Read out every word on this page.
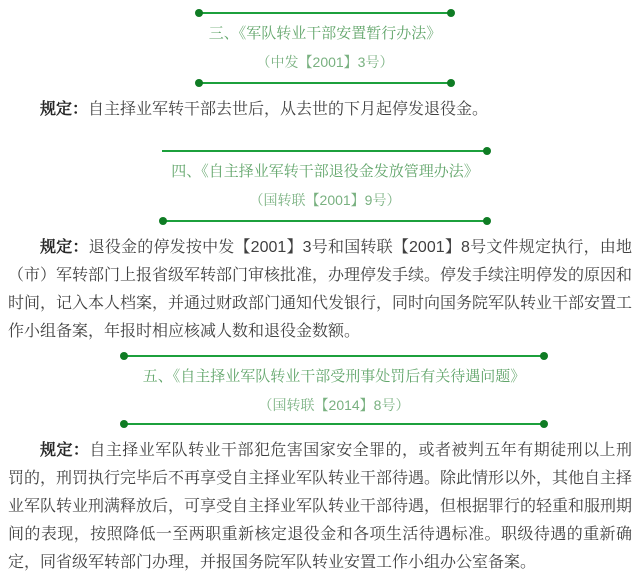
三、《军队转业干部安置暂行办法》
（中发【2001】3号）

规定：自主择业军转干部去世后，从去世的下月起停发退役金。

四、《自主择业军转干部退役金发放管理办法》
（国转联【2001】9号）

规定：退役金的停发按中发【2001】3号和国转联【2001】8号文件规定执行，由地（市）军转部门上报省级军转部门审核批准，办理停发手续。停发手续注明停发的原因和时间，记入本人档案，并通过财政部门通知代发银行，同时向国务院军队转业干部安置工作小组备案，年报时相应核减人数和退役金数额。

五、《自主择业军队转业干部受刑事处罚后有关待遇问题》
（国转联【2014】8号）

规定：自主择业军队转业干部犯危害国家安全罪的，或者被判五年有期徒刑以上刑罚的，刑罚执行完毕后不再享受自主择业军队转业干部待遇。除此情形以外，其他自主择业军队转业刑满释放后，可享受自主择业军队转业干部待遇，但根据罪行的轻重和服刑期间的表现，按照降低一至两职重新核定退役金和各项生活待遇标准。职级待遇的重新确定，同省级军转部门办理，并报国务院军队转业安置工作小组办公室备案。
